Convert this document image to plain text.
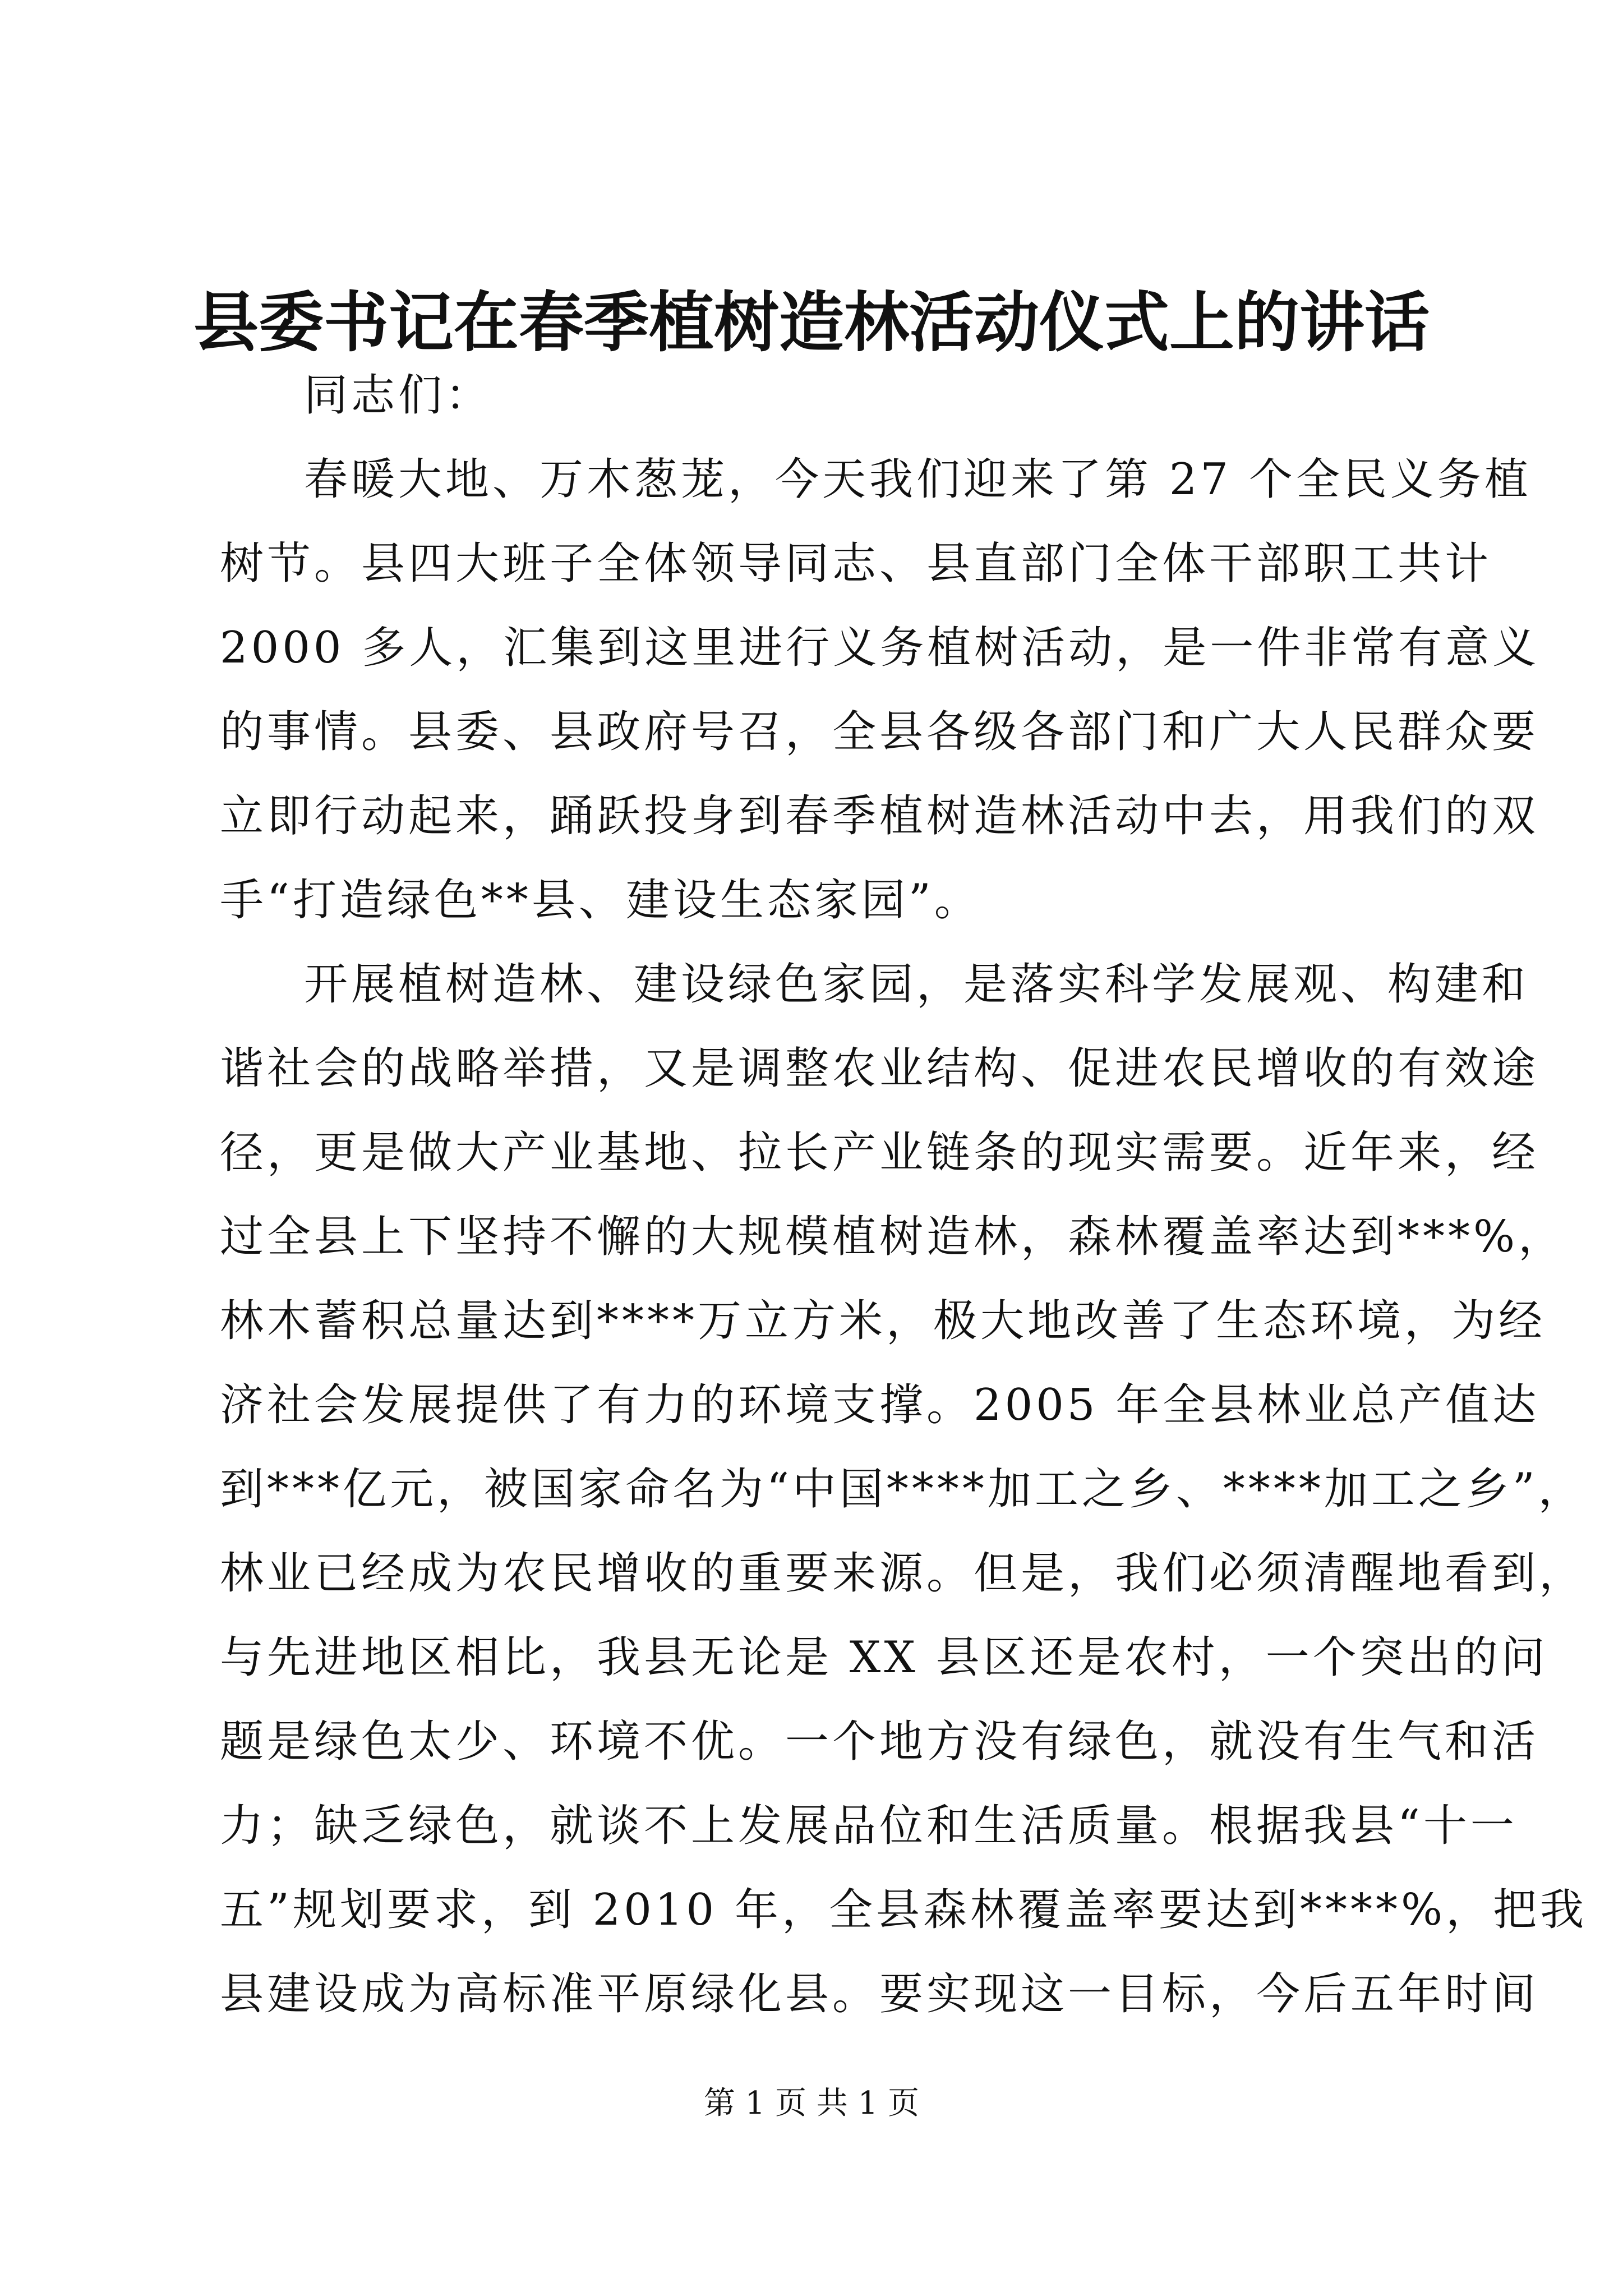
县委书记在春季植树造林活动仪式上的讲话
同志们：
春暖大地、万木葱茏，今天我们迎来了第 27 个全民义务植
树节。县四大班子全体领导同志、县直部门全体干部职工共计
2000 多人，汇集到这里进行义务植树活动，是一件非常有意义
的事情。县委、县政府号召，全县各级各部门和广大人民群众要
立即行动起来，踊跃投身到春季植树造林活动中去，用我们的双
手“打造绿色**县、建设生态家园”。
开展植树造林、建设绿色家园，是落实科学发展观、构建和
谐社会的战略举措，又是调整农业结构、促进农民增收的有效途
径，更是做大产业基地、拉长产业链条的现实需要。近年来，经
过全县上下坚持不懈的大规模植树造林，森林覆盖率达到***%，
林木蓄积总量达到****万立方米，极大地改善了生态环境，为经
济社会发展提供了有力的环境支撑。2005 年全县林业总产值达
到***亿元，被国家命名为“中国****加工之乡、****加工之乡”，
林业已经成为农民增收的重要来源。但是，我们必须清醒地看到，
与先进地区相比，我县无论是 XX 县区还是农村，一个突出的问
题是绿色太少、环境不优。一个地方没有绿色，就没有生气和活
力；缺乏绿色，就谈不上发展品位和生活质量。根据我县“十一
五”规划要求，到 2010 年，全县森林覆盖率要达到****%，把我
县建设成为高标准平原绿化县。要实现这一目标，今后五年时间
第 1 页 共 1 页
